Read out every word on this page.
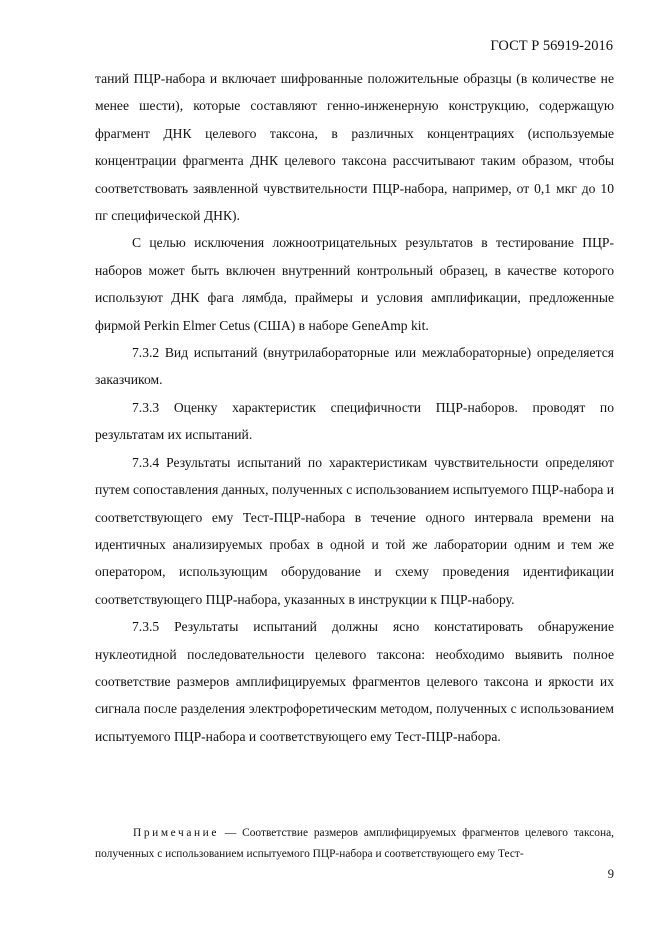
ГОСТ Р 56919-2016

таний ПЦР-набора и включает шифрованные положительные образцы (в количестве не менее шести), которые составляют генно-инженерную конструкцию, содержащую фрагмент ДНК целевого таксона, в различных концентрациях (используемые концентрации фрагмента ДНК целевого таксона рассчитывают таким образом, чтобы соответствовать заявленной чувствительности ПЦР-набора, например, от 0,1 мкг до 10 пг специфической ДНК).

С целью исключения ложноотрицательных результатов в тестирование ПЦР-наборов может быть включен внутренний контрольный образец, в качестве которого используют ДНК фага лямбда, праймеры и условия амплификации, предложенные фирмой Perkin Elmer Cetus (США) в наборе GeneAmp kit.

7.3.2 Вид испытаний (внутрилабораторные или межлабораторные) определяется заказчиком.

7.3.3 Оценку характеристик специфичности ПЦР-наборов. проводят по результатам их испытаний.

7.3.4 Результаты испытаний по характеристикам чувствительности определяют путем сопоставления данных, полученных с использованием испытуемого ПЦР-набора и соответствующего ему Тест-ПЦР-набора в течение одного интервала времени на идентичных анализируемых пробах в одной и той же лаборатории одним и тем же оператором, использующим оборудование и схему проведения идентификации соответствующего ПЦР-набора, указанных в инструкции к ПЦР-набору.

7.3.5 Результаты испытаний должны ясно констатировать обнаружение нуклеотидной последовательности целевого таксона: необходимо выявить полное соответствие размеров амплифицируемых фрагментов целевого таксона и яркости их сигнала после разделения электрофоретическим методом, полученных с использованием испытуемого ПЦР-набора и соответствующего ему Тест-ПЦР-набора.

Примечание — Соответствие размеров амплифицируемых фрагментов целевого таксона, полученных с использованием испытуемого ПЦР-набора и соответствующего ему Тест-

9
